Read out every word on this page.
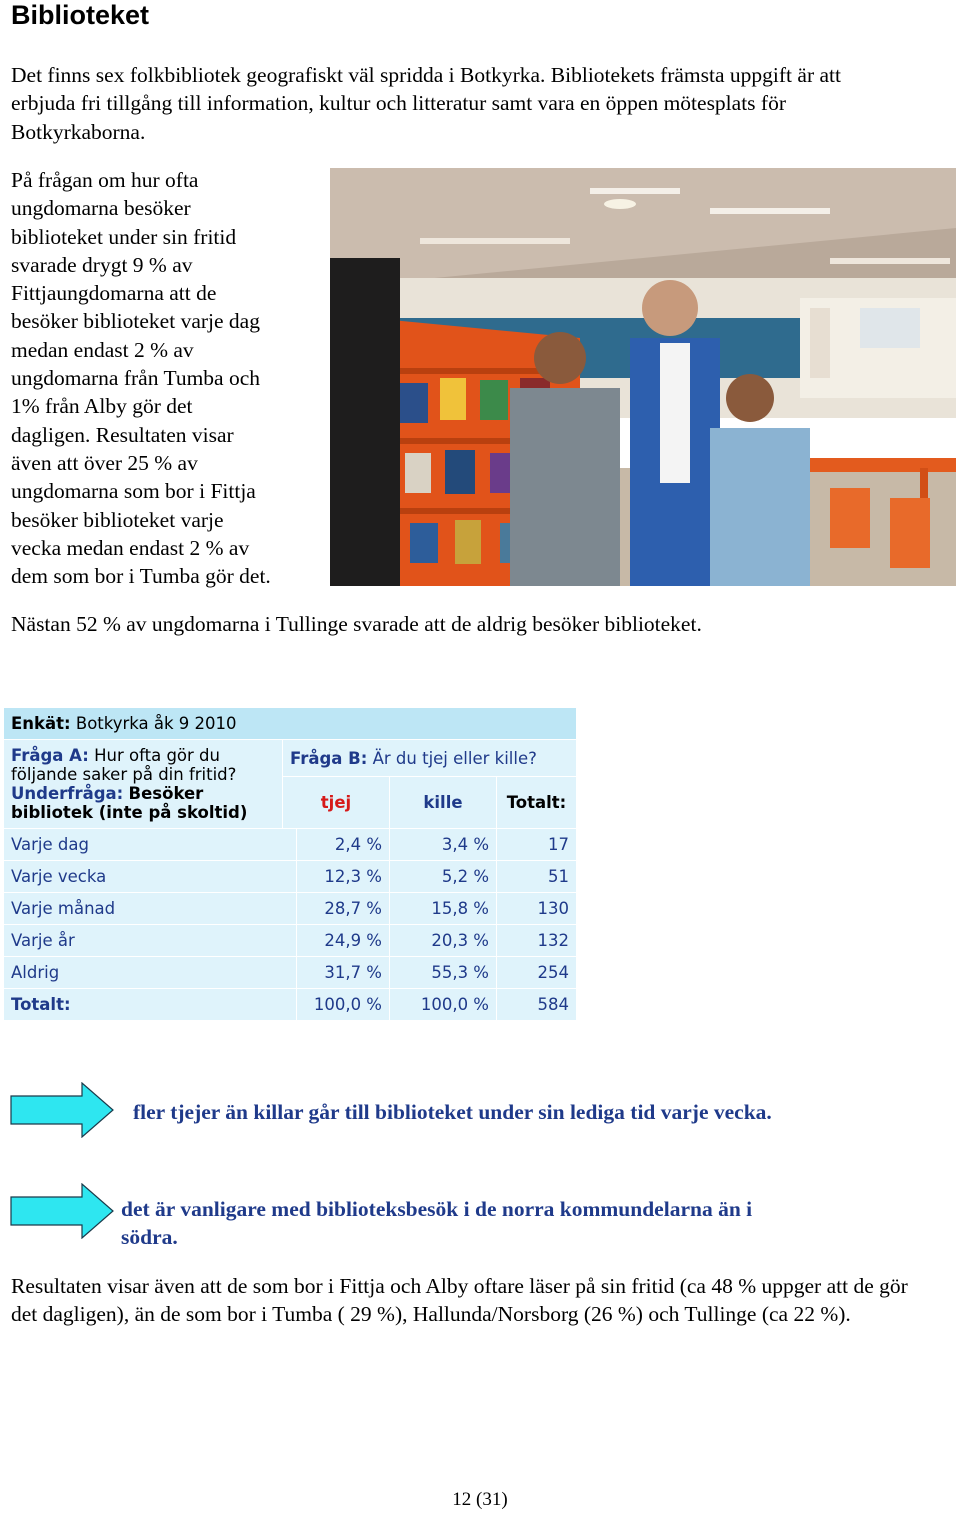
Biblioteket
Det finns sex folkbibliotek geografiskt väl spridda i Botkyrka. Bibliotekets främsta uppgift är att erbjuda fri tillgång till information, kultur och litteratur samt vara en öppen mötesplats för Botkyrkaborna.
På frågan om hur ofta
ungdomarna besöker
biblioteket under sin fritid
svarade drygt 9 % av
Fittjaungdomarna att de
besöker biblioteket varje dag
medan endast 2 % av
ungdomarna från Tumba och
1% från Alby gör det
dagligen. Resultaten visar
även att över 25 % av
ungdomarna som bor i Fittja
besöker biblioteket varje
vecka medan endast 2 % av
dem som bor i Tumba gör det.
Nästan 52 % av ungdomarna i Tullinge svarade att de aldrig besöker biblioteket.
Enkät: Botkyrka åk 9 2010				
Fråga A: Hur ofta gör du
följande saker på din fritid?
Underfråga: Besöker
bibliotek (inte på skoltid)	Fråga B: Är du tjej eller kille?			
	tjej		kille	Totalt:
Varje dag		2,4 %	3,4 %	17
Varje vecka		12,3 %	5,2 %	51
Varje månad		28,7 %	15,8 %	130
Varje år		24,9 %	20,3 %	132
Aldrig		31,7 %	55,3 %	254
Totalt:		100,0 %	100,0 %	584
fler tjejer än killar går till biblioteket under sin lediga tid varje vecka.
det är vanligare med biblioteksbesök i de norra kommundelarna än i
södra.
Resultaten visar även att de som bor i Fittja och Alby oftare läser på sin fritid (ca 48 % uppger att de gör det dagligen), än de som bor i Tumba ( 29 %), Hallunda/Norsborg (26 %) och Tullinge (ca 22 %).
12 (31)
